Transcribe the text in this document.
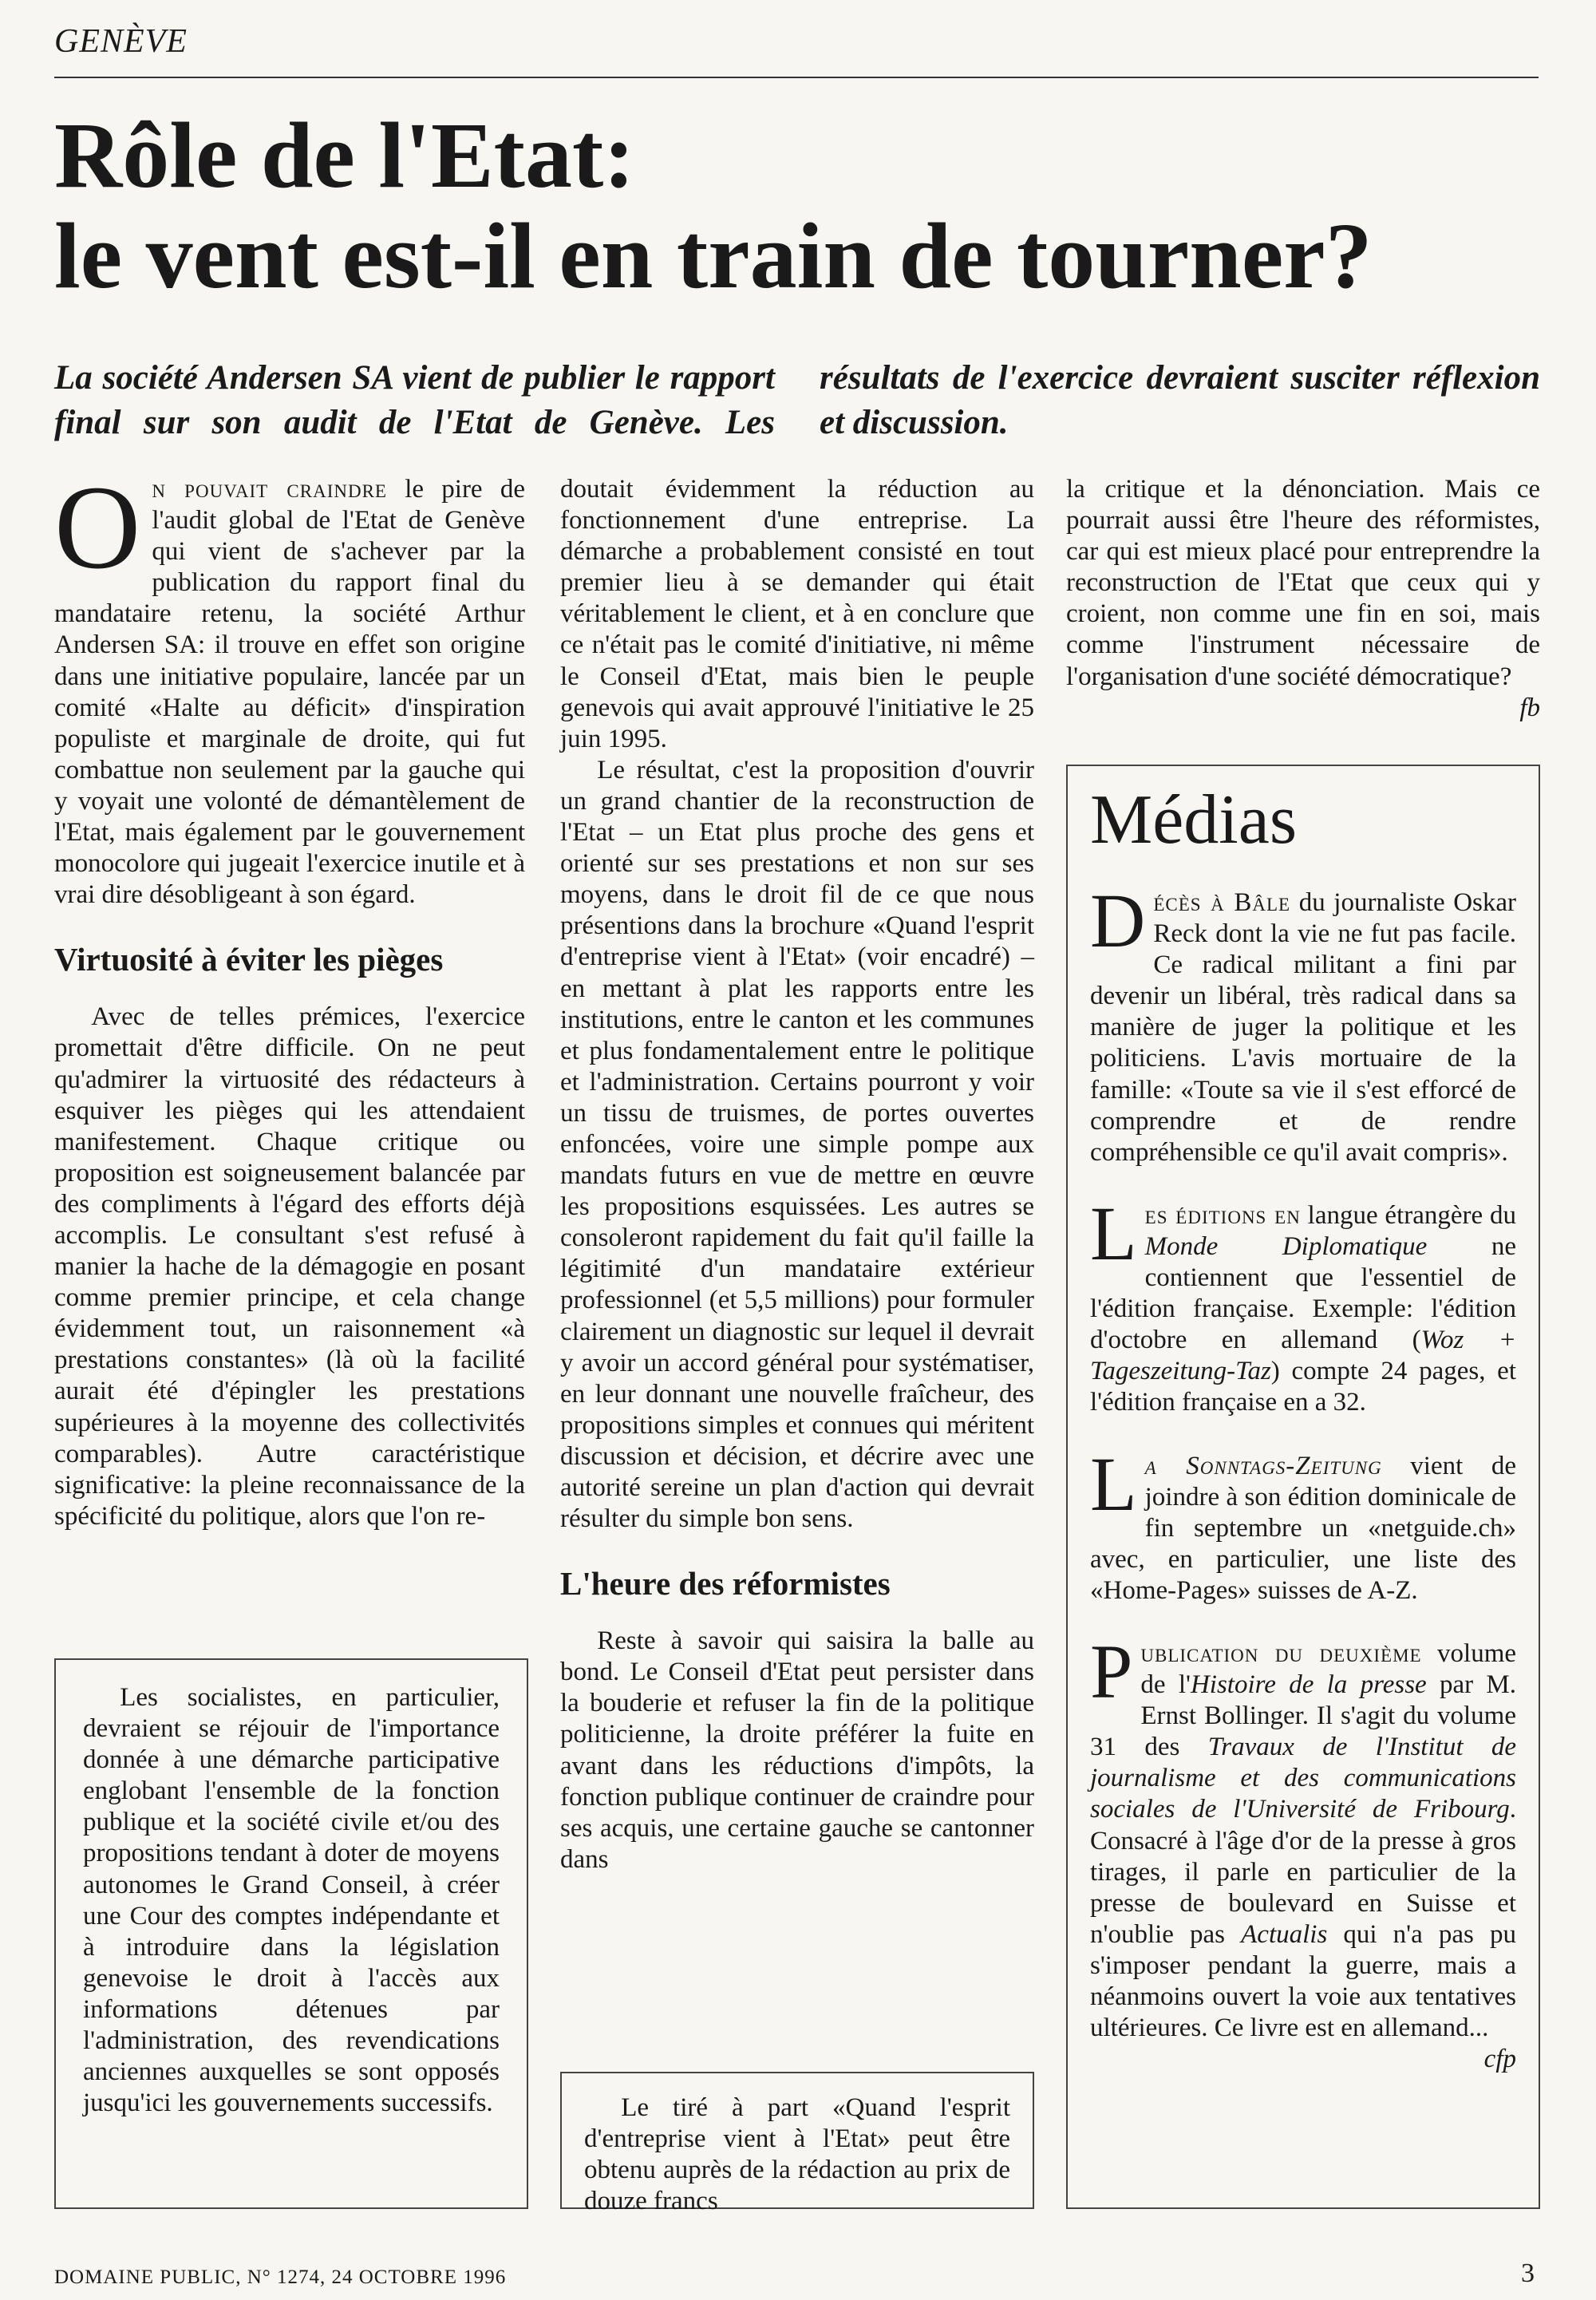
GENÈVE
Rôle de l'Etat:
le vent est-il en train de tourner?
La société Andersen SA vient de publier le rapport final sur son audit de l'Etat de Genève. Les résultats de l'exercice devraient susciter réflexion et discussion.

On pouvait craindre le pire de l'audit global de l'Etat de Genève qui vient de s'achever par la publication du rapport final du mandataire retenu, la société Arthur Andersen SA: il trouve en effet son origine dans une initiative populaire, lancée par un comité «Halte au déficit» d'inspiration populiste et marginale de droite, qui fut combattue non seulement par la gauche qui y voyait une volonté de démantèlement de l'Etat, mais également par le gouvernement monocolore qui jugeait l'exercice inutile et à vrai dire désobligeant à son égard.

Virtuosité à éviter les pièges

Avec de telles prémices, l'exercice promettait d'être difficile. On ne peut qu'admirer la virtuosité des rédacteurs à esquiver les pièges qui les attendaient manifestement. Chaque critique ou proposition est soigneusement balancée par des compliments à l'égard des efforts déjà accomplis. Le consultant s'est refusé à manier la hache de la démagogie en posant comme premier principe, et cela change évidemment tout, un raisonnement «à prestations constantes» (là où la facilité aurait été d'épingler les prestations supérieures à la moyenne des collectivités comparables). Autre caractéristique significative: la pleine reconnaissance de la spécificité du politique, alors que l'on re-

Les socialistes, en particulier, devraient se réjouir de l'importance donnée à une démarche participative englobant l'ensemble de la fonction publique et la société civile et/ou des propositions tendant à doter de moyens autonomes le Grand Conseil, à créer une Cour des comptes indépendante et à introduire dans la législation genevoise le droit à l'accès aux informations détenues par l'administration, des revendications anciennes auxquelles se sont opposés jusqu'ici les gouvernements successifs.

doutait évidemment la réduction au fonctionnement d'une entreprise. La démarche a probablement consisté en tout premier lieu à se demander qui était véritablement le client, et à en conclure que ce n'était pas le comité d'initiative, ni même le Conseil d'Etat, mais bien le peuple genevois qui avait approuvé l'initiative le 25 juin 1995.

Le résultat, c'est la proposition d'ouvrir un grand chantier de la reconstruction de l'Etat – un Etat plus proche des gens et orienté sur ses prestations et non sur ses moyens, dans le droit fil de ce que nous présentions dans la brochure «Quand l'esprit d'entreprise vient à l'Etat» (voir encadré) – en mettant à plat les rapports entre les institutions, entre le canton et les communes et plus fondamentalement entre le politique et l'administration. Certains pourront y voir un tissu de truismes, de portes ouvertes enfoncées, voire une simple pompe aux mandats futurs en vue de mettre en œuvre les propositions esquissées. Les autres se consoleront rapidement du fait qu'il faille la légitimité d'un mandataire extérieur professionnel (et 5,5 millions) pour formuler clairement un diagnostic sur lequel il devrait y avoir un accord général pour systématiser, en leur donnant une nouvelle fraîcheur, des propositions simples et connues qui méritent discussion et décision, et décrire avec une autorité sereine un plan d'action qui devrait résulter du simple bon sens.

L'heure des réformistes

Reste à savoir qui saisira la balle au bond. Le Conseil d'Etat peut persister dans la bouderie et refuser la fin de la politique politicienne, la droite préférer la fuite en avant dans les réductions d'impôts, la fonction publique continuer de craindre pour ses acquis, une certaine gauche se cantonner dans

Le tiré à part «Quand l'esprit d'entreprise vient à l'Etat» peut être obtenu auprès de la rédaction au prix de douze francs

la critique et la dénonciation. Mais ce pourrait aussi être l'heure des réformistes, car qui est mieux placé pour entreprendre la reconstruction de l'Etat que ceux qui y croient, non comme une fin en soi, mais comme l'instrument nécessaire de l'organisation d'une société démocratique?
fb

Médias
Décès à Bâle du journaliste Oskar Reck dont la vie ne fut pas facile. Ce radical militant a fini par devenir un libéral, très radical dans sa manière de juger la politique et les politiciens. L'avis mortuaire de la famille: «Toute sa vie il s'est efforcé de comprendre et de rendre compréhensible ce qu'il avait compris».
Les éditions en langue étrangère du Monde Diplomatique ne contiennent que l'essentiel de l'édition française. Exemple: l'édition d'octobre en allemand (Woz + Tageszeitung-Taz) compte 24 pages, et l'édition française en a 32.
La Sonntags-Zeitung vient de joindre à son édition dominicale de fin septembre un «netguide.ch» avec, en particulier, une liste des «Home-Pages» suisses de A-Z.
Publication du deuxième volume de l'Histoire de la presse par M. Ernst Bollinger. Il s'agit du volume 31 des Travaux de l'Institut de journalisme et des communications sociales de l'Université de Fribourg. Consacré à l'âge d'or de la presse à gros tirages, il parle en particulier de la presse de boulevard en Suisse et n'oublie pas Actualis qui n'a pas pu s'imposer pendant la guerre, mais a néanmoins ouvert la voie aux tentatives ultérieures. Ce livre est en allemand...
cfp
DOMAINE PUBLIC, N° 1274, 24 OCTOBRE 1996	3
